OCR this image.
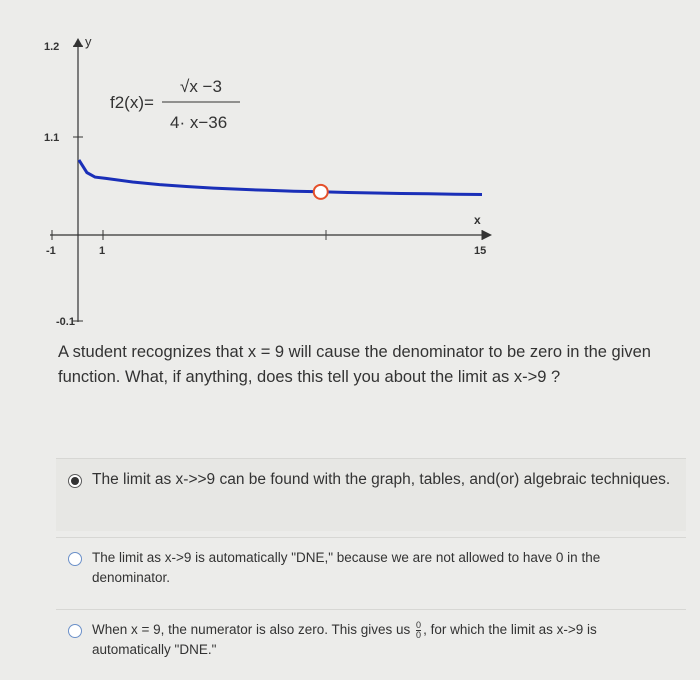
y
x
1.2
1.1
-0.1
-1	1	15
f2(x)=
√x −3
4· x−36
A student recognizes that x = 9 will cause the denominator to be zero in the given function. What, if anything, does this tell you about the limit as x->9 ?
The limit as x->>9 can be found with the graph, tables, and(or) algebraic techniques.
The limit as x->9 is automatically "DNE," because we are not allowed to have 0 in the denominator.
When x = 9, the numerator is also zero. This gives us $\frac{0}{0}$ , for which the limit as x->9 is automatically "DNE."
